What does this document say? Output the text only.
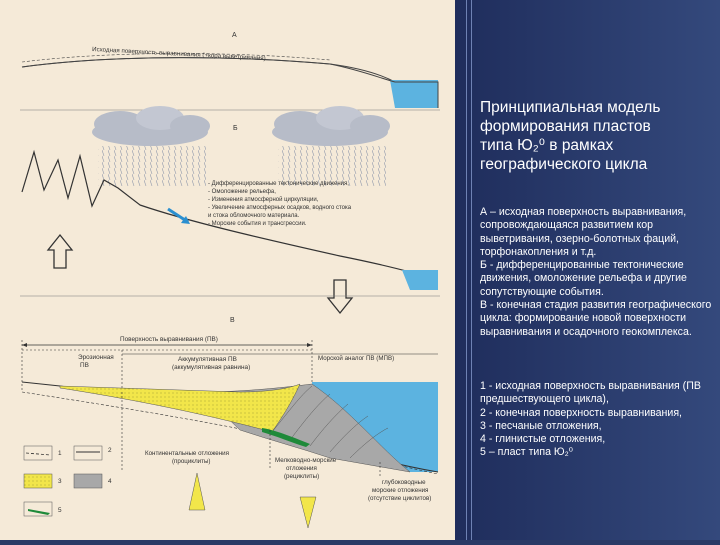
А
Исходная поверхность выравнивания (+кора выветривания)
Б
- Дифференцированные тектонические движения,
- Омоложение рельефа,
- Изменения атмосферной циркуляции,
- Увеличение атмосферных осадков, водного стока
и стока обломочного материала.
- Морские события и трансгрессии.
В
Поверхность выравнивания (ПВ)
Эрозионная ПВ
Аккумулятивная ПВ (аккумулятивная равнина)
Морской аналог ПВ (МПВ)
Континентальные отложения (проциклиты)	Мелководно-морские отложения (рециклиты)
глубоководные морские отложения (отсутствие циклитов)
1	2
3	4
5
Принципиальная модель
формирования пластов
типа Ю₂⁰ в рамках
географического цикла

А – исходная поверхность выравнивания, сопровождающаяся развитием кор выветривания, озерно-болотных фаций, торфонакопления и т.д.

Б - дифференцированные тектонические движения, омоложение рельефа и другие сопутствующие события.

В - конечная стадия развития географического цикла: формирование новой поверхности выравнивания и осадочного геокомплекса.

1 - исходная поверхность выравнивания (ПВ предшествующего цикла),

2 - конечная поверхность выравнивания,

3 - песчаные отложения,

4 - глинистые отложения,

5 – пласт типа Ю₂⁰
